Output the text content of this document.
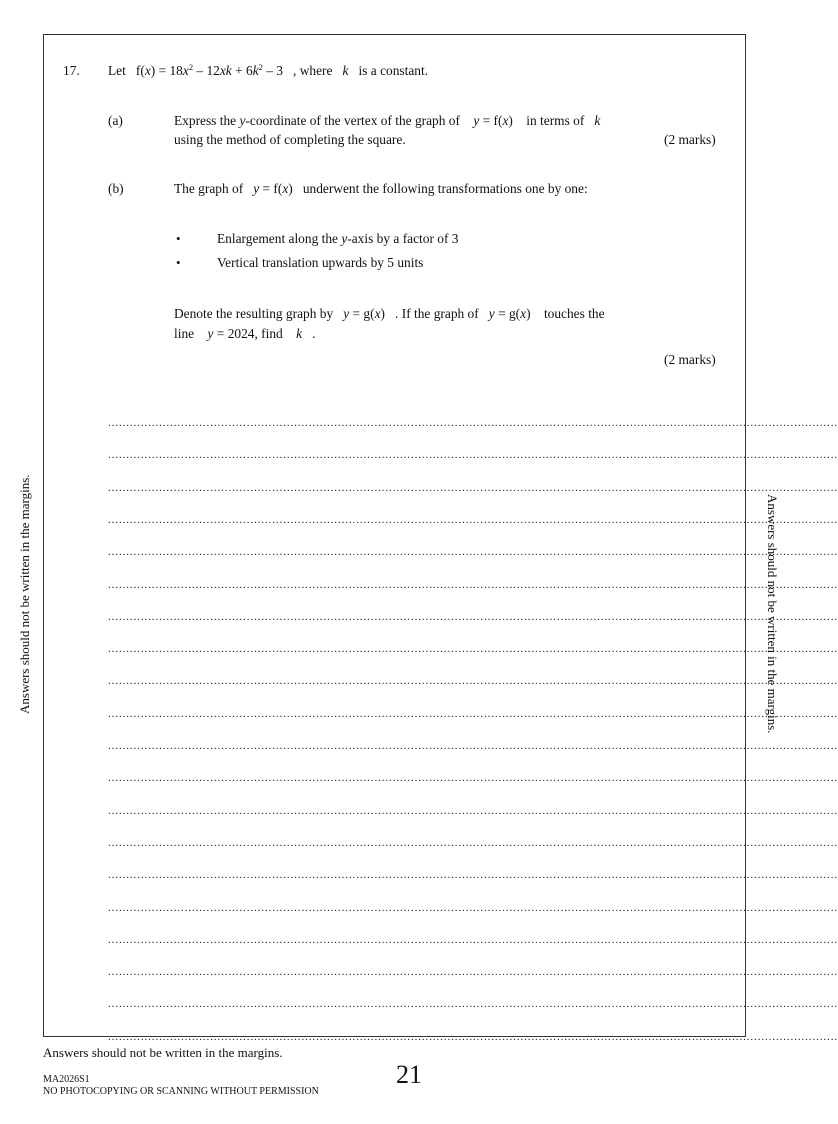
17. Let   $f(x) = 18x^2 - 12xk + 6k^2 - 3$   , where k is a constant.
(a)	Express the y-coordinate of the vertex of the graph of y = f(x)    in terms of k
using the method of completing the square.	(2 marks)
(b)	The graph of y = f(x)   underwent the following transformations one by one:
•	Enlargement along the y-axis by a factor of 3
•	Vertical translation upwards by 5 units
Denote the resulting graph by y = g(x)   . If the graph of y = g(x)    touches the
line y = 2024, find k .
(2 marks)
........................................................................................................................................................................................................
........................................................................................................................................................................................................
........................................................................................................................................................................................................
........................................................................................................................................................................................................
........................................................................................................................................................................................................
........................................................................................................................................................................................................
........................................................................................................................................................................................................
........................................................................................................................................................................................................
........................................................................................................................................................................................................
........................................................................................................................................................................................................
........................................................................................................................................................................................................
........................................................................................................................................................................................................
........................................................................................................................................................................................................
........................................................................................................................................................................................................
........................................................................................................................................................................................................
........................................................................................................................................................................................................
........................................................................................................................................................................................................
........................................................................................................................................................................................................
........................................................................................................................................................................................................
........................................................................................................................................................................................................
Answers should not be written in the margins.	Answers should not be written in the margins.
Answers should not be written in the margins.
MA2026S1
NO PHOTOCOPYING OR SCANNING WITHOUT PERMISSION
21
